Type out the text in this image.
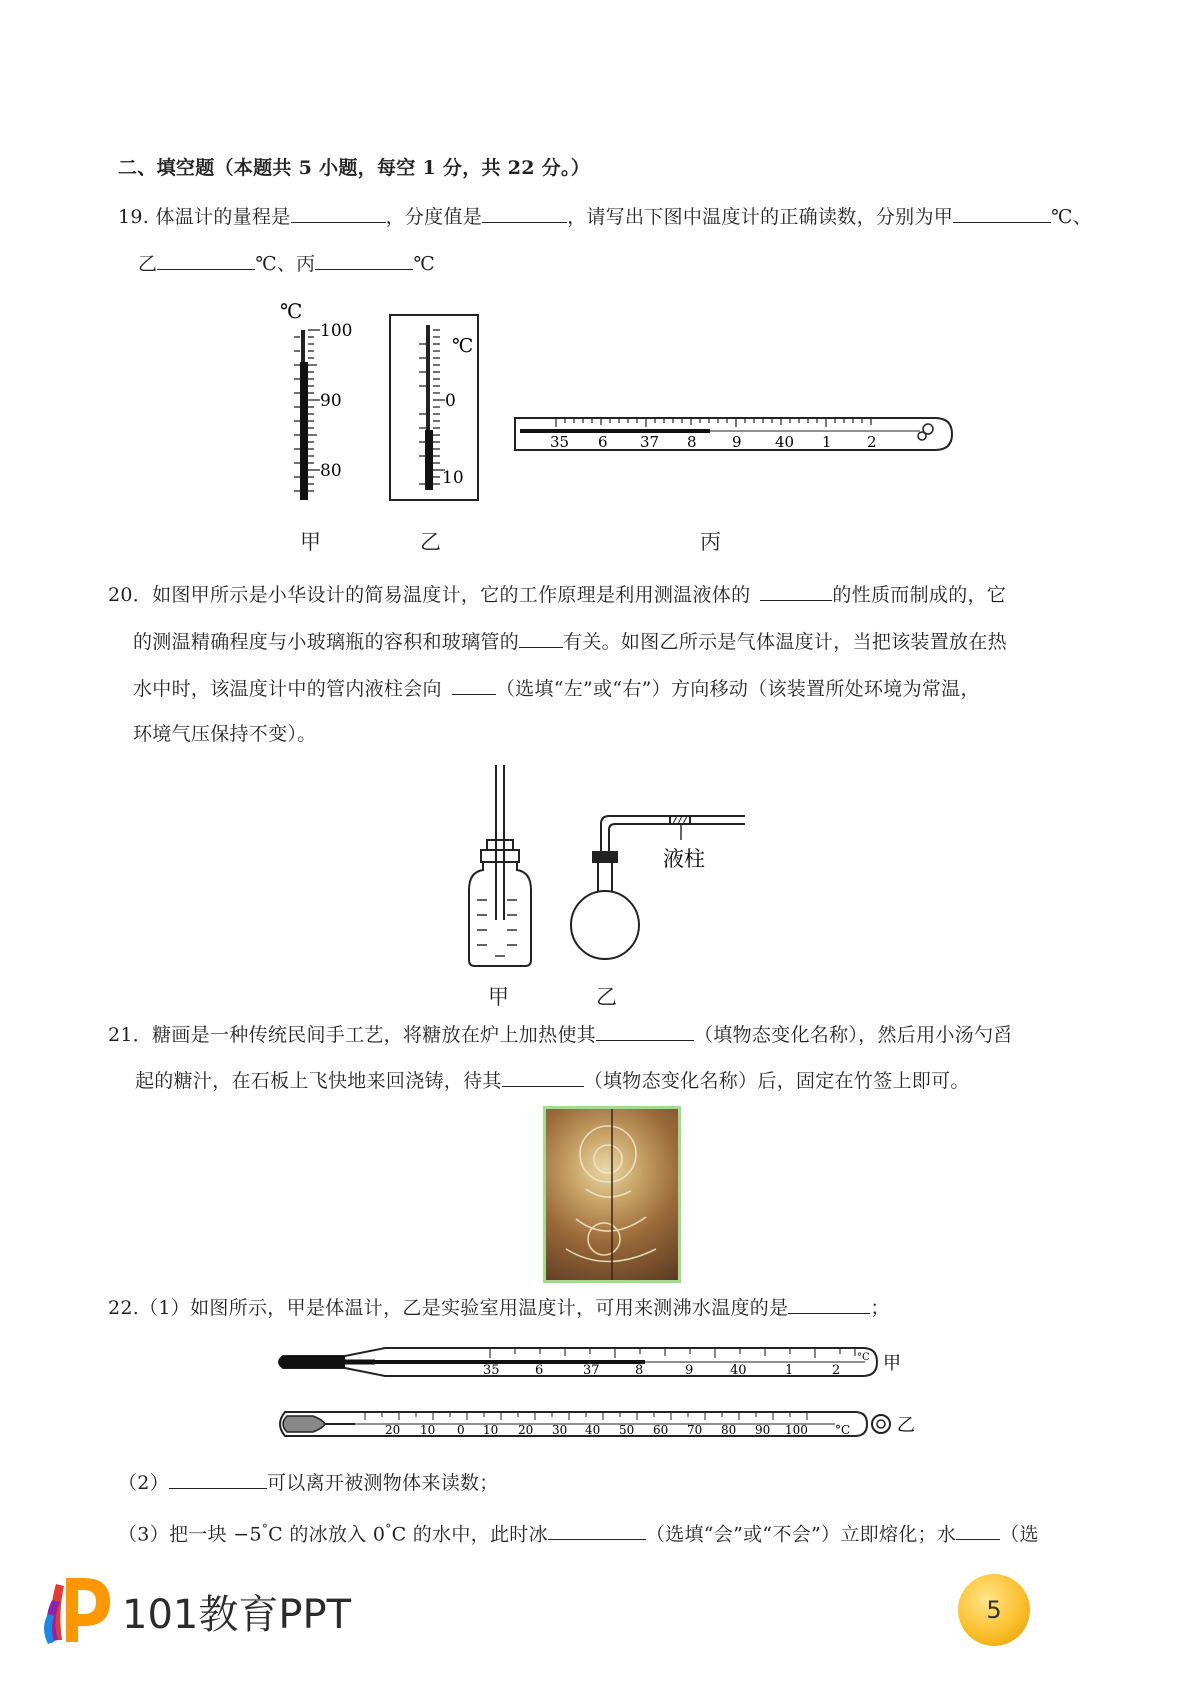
二、填空题（本题共 5 小题，每空 1 分，共 22 分。）
19. 体温计的量程是	，分度值是	，请写出下图中温度计的正确读数，分别为甲	℃、
乙	℃、丙	℃
℃
100
90
80
℃
0
10
35 6 37 8 9 40 1 2
甲	乙	丙
20．如图甲所示是小华设计的简易温度计，它的工作原理是利用测温液体的	的性质而制成的，它
的测温精确程度与小玻璃瓶的容积和玻璃管的 有关。如图乙所示是气体温度计，当把该装置放在热
水中时，该温度计中的管内液柱会向	（选填“左”或“右”）方向移动（该装置所处环境为常温，
环境气压保持不变）。
液柱
甲	乙
21．糖画是一种传统民间手工艺，将糖放在炉上加热使其	（填物态变化名称），然后用小汤勺舀
起的糖汁，在石板上飞快地来回浇铸，待其	（填物态变化名称）后，固定在竹签上即可。
22.（1）如图所示，甲是体温计，乙是实验室用温度计，可用来测沸水温度的是	；
35	6	37	8	9	40	1	2
°C 甲
20 10 0 10 20 30 40 50 60 70 80 90 100 °C	乙
（2）	可以离开被测物体来读数；
（3）把一块 −5°C 的冰放入 0°C 的水中，此时冰	（选填“会”或“不会”）立即熔化；水 （选
101教育PPT	5
